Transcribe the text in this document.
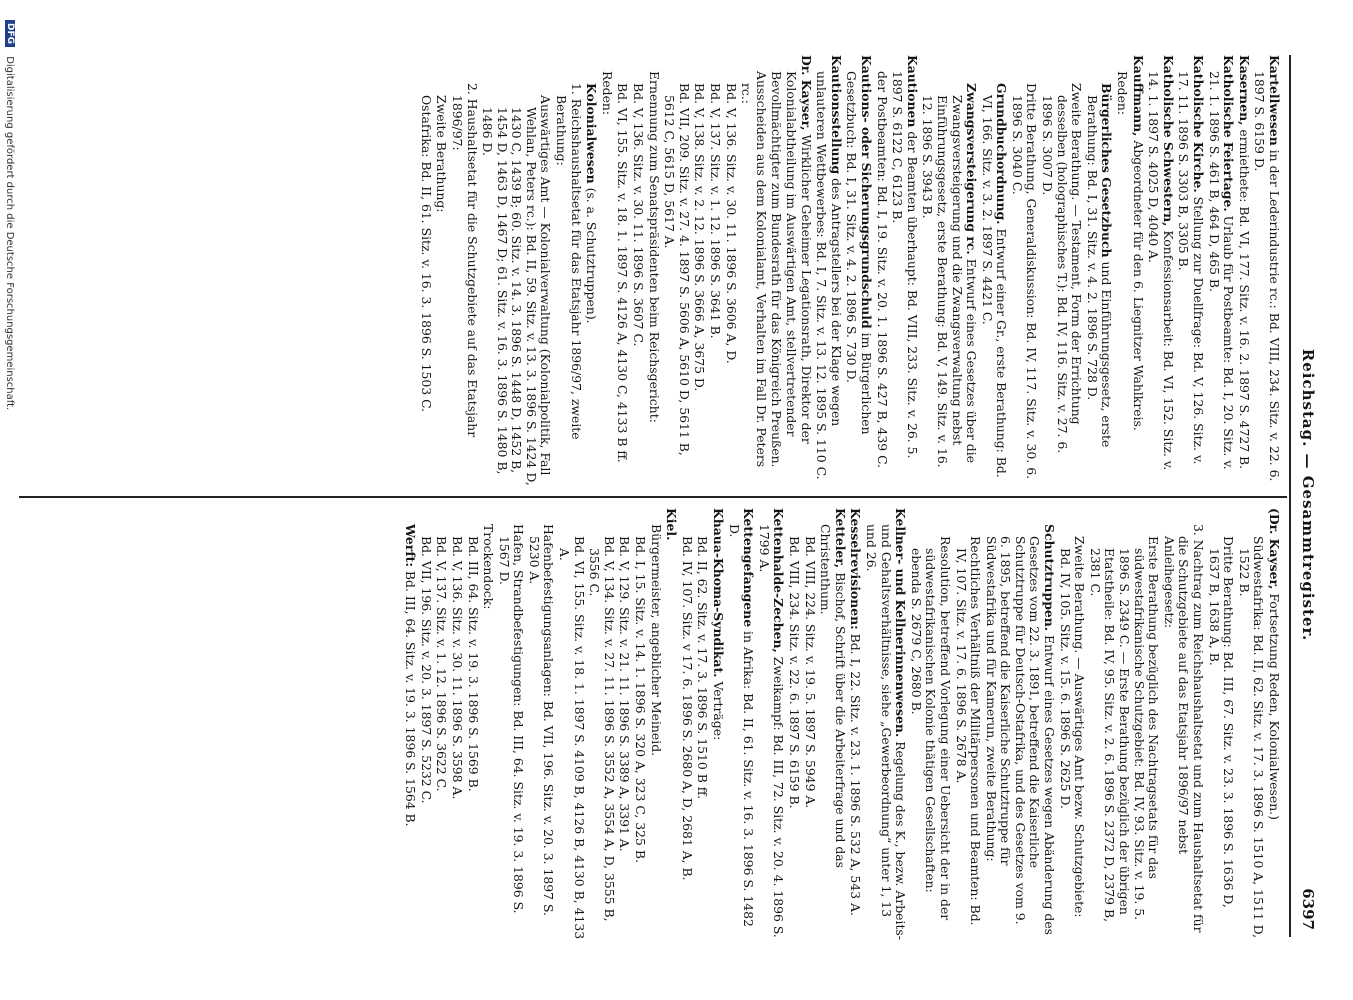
Reichstag. — Gesammtregister.
6397

Kartellwesen in der Lederindustrie rc.: Bd. VIII, 234. Sitz. v. 22. 6. 1897 S. 6159 D.

Kasernen, ermiethete: Bd. VI, 177. Sitz. v. 16. 2. 1897 S. 4727 B.

Katholische Feiertage. Urlaub für Postbeamte: Bd. I, 20. Sitz. v. 21. 1. 1896 S. 461 B, 464 D, 465 B.

Katholische Kirche. Stellung zur Duellfrage: Bd. V, 126. Sitz. v. 17. 11. 1896 S. 3303 B, 3305 B.

Katholische Schwestern, Konfessionsarbeit: Bd. VI, 152. Sitz. v. 14. 1. 1897 S. 4025 D, 4040 A.

Kauffmann, Abgeordneter für den 6. Liegnitzer Wahlkreis.

Reden:

Bürgerliches Gesetzbuch und Einführungsgesetz, erste Berathung: Bd. I, 31. Sitz. v. 4. 2. 1896 S. 728 D.

Zweite Berathung. — Testament, Form der Errichtung desselben (holographisches T.): Bd. IV, 116. Sitz. v. 27. 6. 1896 S. 3007 D.

Dritte Berathung, Generaldiskussion: Bd. IV, 117. Sitz. v. 30. 6. 1896 S. 3040 C.

Grundbuchordnung. Entwurf einer Gr., erste Berathung: Bd. VI, 166. Sitz. v. 3. 2. 1897 S. 4421 C.

Zwangsversteigerung rc. Entwurf eines Gesetzes über die Zwangsversteigerung und die Zwangsverwaltung nebst Einführungsgesetz, erste Berathung: Bd. V, 149. Sitz. v. 16. 12. 1896 S. 3943 B.

Kautionen der Beamten überhaupt: Bd. VIII, 233. Sitz. v. 26. 5. 1897 S. 6122 C, 6123 B.

der Postbeamten: Bd. I, 19. Sitz. v. 20. 1. 1896 S. 427 B, 439 C.

Kautions- oder Sicherungsgrundschuld im Bürgerlichen Gesetzbuch: Bd. I, 31. Sitz. v. 4. 2. 1896 S. 730 D.

Kautionsstellung des Antragstellers bei der Klage wegen unlauteren Wettbewerbes: Bd. I, 7. Sitz. v. 13. 12. 1895 S. 110 C.

Dr. Kayser, Wirklicher Geheimer Legationsrath, Direktor der Kolonialabtheilung im Auswärtigen Amt, stellvertretender Bevollmächtigter zum Bundesrath für das Königreich Preußen.

Ausscheiden aus dem Kolonialamt, Verhalten im Fall Dr. Peters rc.:

Bd. V, 136. Sitz. v. 30. 11. 1896 S. 3606 A, D.

Bd. V, 137. Sitz. v. 1. 12. 1896 S. 3641 B.

Bd. V, 138. Sitz. v. 2. 12. 1896 S. 3666 A, 3675 D.

Bd. VII, 209. Sitz. v. 27. 4. 1897 S. 5606 A, 5610 D, 5611 B, 5612 C, 5615 D, 5617 A.

Ernennung zum Senatspräsidenten beim Reichsgericht:

Bd. V, 136. Sitz. v. 30. 11. 1896 S. 3607 C.

Bd. VI, 155. Sitz. v. 18. 1. 1897 S. 4126 A, 4130 C, 4133 B ff.

Reden:

Kolonialwesen (s. a. Schutztruppen).

1. Reichshaushaltsetat für das Etatsjahr 1896/97, zweite Berathung:

Auswärtiges Amt — Kolonialverwaltung (Kolonialpolitik, Fall Wehlan, Peters rc.): Bd. II, 59. Sitz. v. 13. 3. 1896 S. 1424 D, 1430 C, 1439 B; 60. Sitz. v. 14. 3. 1896 S. 1448 D, 1452 B, 1454 D, 1463 D, 1467 D; 61. Sitz. v. 16. 3. 1896 S. 1480 B, 1486 D.

2. Haushaltsetat für die Schutzgebiete auf das Etatsjahr 1896/97:

Zweite Berathung:

Ostafrika: Bd. II, 61. Sitz. v. 16. 3. 1896 S. 1503 C.

(Dr. Kayser, Fortsetzung Reden, Kolonialwesen.)

Südwestafrika: Bd. II, 62. Sitz. v. 17. 3. 1896 S. 1510 A, 1511 D, 1522 B.

Dritte Berathung: Bd. III, 67. Sitz. v. 23. 3. 1896 S. 1636 D, 1637 B, 1638 A, B.

3. Nachtrag zum Reichshaushaltsetat und zum Haushaltsetat für die Schutzgebiete auf das Etatsjahr 1896/97 nebst Anleihegesetz:

Erste Berathung bezüglich des Nachtragsetats für das südwestafrikanische Schutzgebiet: Bd. IV, 93. Sitz. v. 19. 5. 1896 S. 2349 C. — Erste Berathung bezüglich der übrigen Etatstheile: Bd. IV, 95. Sitz. v. 2. 6. 1896 S. 2372 D, 2379 B, 2381 C.

Zweite Berathung. — Auswärtiges Amt bezw. Schutzgebiete: Bd. IV, 105. Sitz. v. 15. 6. 1896 S. 2625 D.

Schutztruppen. Entwurf eines Gesetzes wegen Abänderung des Gesetzes vom 22. 3. 1891, betreffend die Kaiserliche Schutztruppe für Deutsch-Ostafrika, und des Gesetzes vom 9. 6. 1895, betreffend die Kaiserliche Schutztruppe für Südwestafrika und für Kamerun, zweite Berathung:

Rechtliches Verhältniß der Militärpersonen und Beamten: Bd. IV, 107. Sitz. v. 17. 6. 1896 S. 2678 A.

Resolution, betreffend Vorlegung einer Uebersicht der in der südwestafrikanischen Kolonie thätigen Gesellschaften: ebenda S. 2679 C, 2680 B.

Kellner- und Kellnerinnenwesen. Regelung des K., bezw. Arbeits- und Gehaltsverhältnisse, siehe „Gewerbeordnung“ unter 1, 13 und 26.

Kesselrevisionen: Bd. I, 22. Sitz. v. 23. 1. 1896 S. 532 A, 543 A.

Ketteler, Bischof, Schrift über die Arbeiterfrage und das Christenthum.

Bd. VIII, 224. Sitz. v. 19. 5. 1897 S. 5949 A.

Bd. VIII, 234. Sitz. v. 22. 6. 1897 S. 6159 B.

Kettenhalde-Zechen, Zweikampf: Bd. III, 72. Sitz. v. 20. 4. 1896 S. 1799 A.

Kettengefangene in Afrika: Bd. II, 61. Sitz. v. 16. 3. 1896 S. 1482 D.

Khaua-Khoma-Syndikat. Verträge:

Bd. II, 62. Sitz. v. 17. 3. 1896 S. 1510 B ff.

Bd. IV, 107. Sitz. v 17. 6. 1896 S. 2680 A, D, 2681 A, B.

Kiel.

Bürgermeister, angeblicher Meineid.

Bd. I, 15. Sitz. v. 14. 1. 1896 S. 320 A, 323 C, 325 B.

Bd. V, 129. Sitz. v. 21. 11. 1896 S. 3389 A, 3391 A.

Bd. V, 134. Sitz. v. 27. 11. 1896 S. 3552 A, 3554 A, D, 3555 B, 3556 C.

Bd. VI, 155. Sitz. v. 18. 1. 1897 S. 4109 B, 4126 B, 4130 B, 4133 A.

Hafenbefestigungsanlagen: Bd. VII, 196. Sitz. v. 20. 3. 1897 S. 5230 A.

Hafen, Strandbefestigungen: Bd. III, 64. Sitz. v. 19. 3. 1896 S. 1567 D.

Trockendock:

Bd. III, 64. Sitz. v. 19. 3. 1896 S. 1569 B.

Bd. V, 136. Sitz. v. 30. 11. 1896 S. 3598 A.

Bd. V, 137. Sitz. v. 1. 12. 1896 S. 3622 C.

Bd. VII, 196. Sitz. v. 20. 3. 1897 S. 5232 C.

Werft: Bd. III, 64. Sitz. v. 19. 3. 1896 S. 1564 B.

DFG Digitalisierung gefördert durch die Deutsche Forschungsgemeinschaft.
